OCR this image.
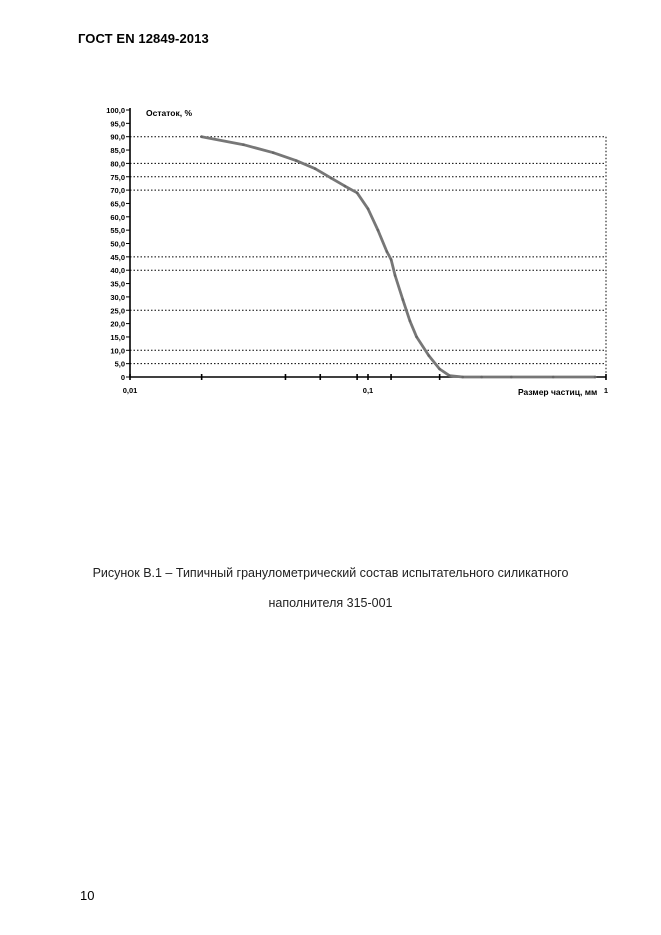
ГОСТ EN 12849-2013
0
5,0
10,0
15,0
20,0
25,0
30,0
35,0
40,0
45,0
50,0
55,0
60,0
65,0
70,0
75,0
80,0
85,0
90,0
95,0
100,0
0,01	0,1	1
Остаток, %
Размер частиц, мм
Рисунок В.1 – Типичный гранулометрический состав испытательного силикатного
наполнителя 315-001
10
